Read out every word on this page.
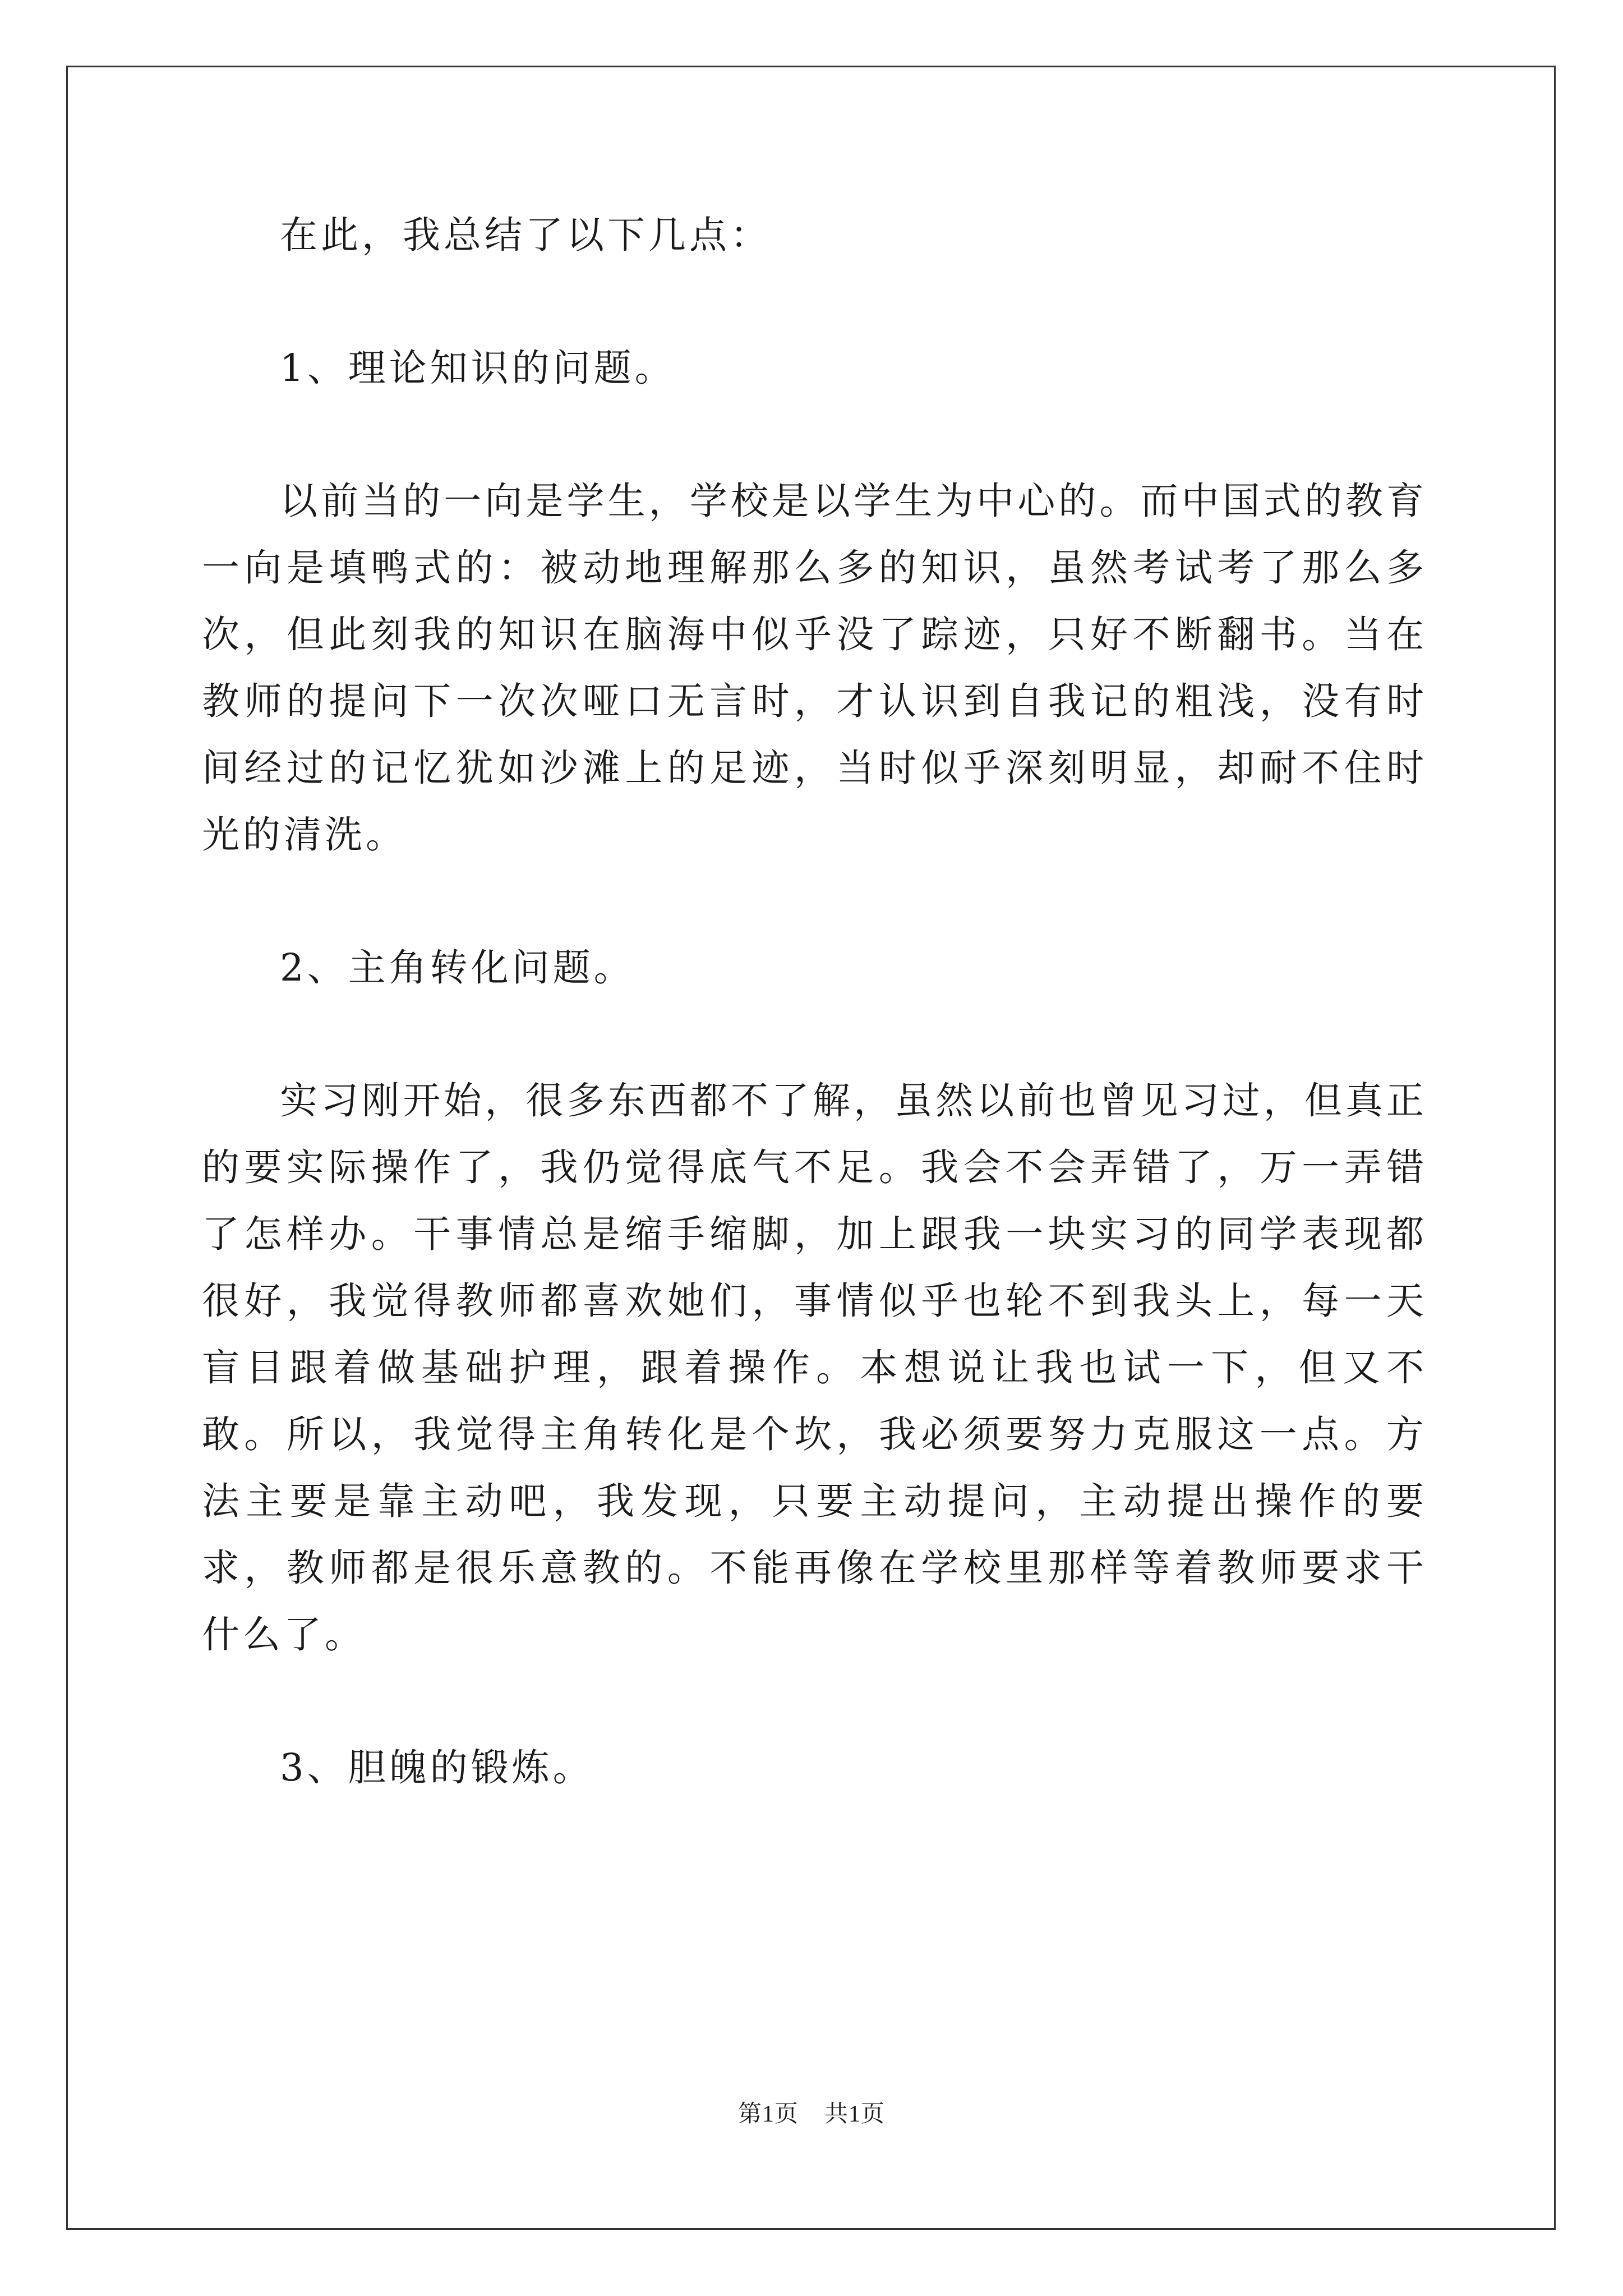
在此，我总结了以下几点：

1、理论知识的问题。

以前当的一向是学生，学校是以学生为中心的。而中国式的教育一向是填鸭式的：被动地理解那么多的知识，虽然考试考了那么多次，但此刻我的知识在脑海中似乎没了踪迹，只好不断翻书。当在教师的提问下一次次哑口无言时，才认识到自我记的粗浅，没有时间经过的记忆犹如沙滩上的足迹，当时似乎深刻明显，却耐不住时光的清洗。

2、主角转化问题。

实习刚开始，很多东西都不了解，虽然以前也曾见习过，但真正的要实际操作了，我仍觉得底气不足。我会不会弄错了，万一弄错了怎样办。干事情总是缩手缩脚，加上跟我一块实习的同学表现都很好，我觉得教师都喜欢她们，事情似乎也轮不到我头上，每一天盲目跟着做基础护理，跟着操作。本想说让我也试一下，但又不敢。所以，我觉得主角转化是个坎，我必须要努力克服这一点。方法主要是靠主动吧，我发现，只要主动提问，主动提出操作的要求，教师都是很乐意教的。不能再像在学校里那样等着教师要求干什么了。

3、胆魄的锻炼。

第1页 共1页
